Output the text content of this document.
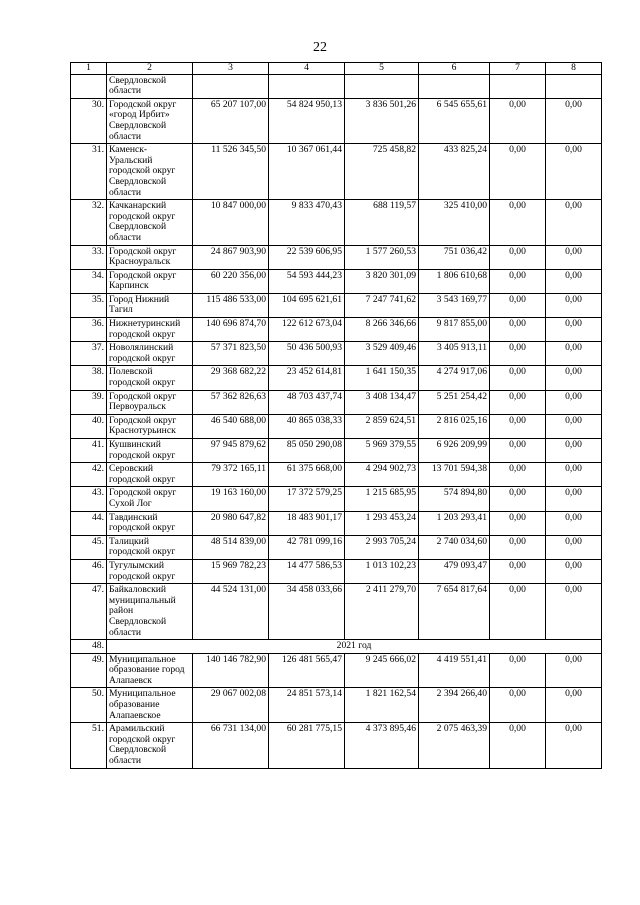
22
1	2	3	4	5	6	7	8
	Свердловской области						
30.	Городской округ «город Ирбит» Свердловской области	65 207 107,00	54 824 950,13	3 836 501,26	6 545 655,61	0,00	0,00
31.	Каменск-Уральский городской округ Свердловской области	11 526 345,50	10 367 061,44	725 458,82	433 825,24	0,00	0,00
32.	Качканарский городской округ Свердловской области	10 847 000,00	9 833 470,43	688 119,57	325 410,00	0,00	0,00
33.	Городской округ Красноуральск	24 867 903,90	22 539 606,95	1 577 260,53	751 036,42	0,00	0,00
34.	Городской округ Карпинск	60 220 356,00	54 593 444,23	3 820 301,09	1 806 610,68	0,00	0,00
35.	Город Нижний Тагил	115 486 533,00	104 695 621,61	7 247 741,62	3 543 169,77	0,00	0,00
36.	Нижнетуринский городской округ	140 696 874,70	122 612 673,04	8 266 346,66	9 817 855,00	0,00	0,00
37.	Новолялинский городской округ	57 371 823,50	50 436 500,93	3 529 409,46	3 405 913,11	0,00	0,00
38.	Полевской городской округ	29 368 682,22	23 452 614,81	1 641 150,35	4 274 917,06	0,00	0,00
39.	Городской округ Первоуральск	57 362 826,63	48 703 437,74	3 408 134,47	5 251 254,42	0,00	0,00
40.	Городской округ Краснотурьинск	46 540 688,00	40 865 038,33	2 859 624,51	2 816 025,16	0,00	0,00
41.	Кушвинский городской округ	97 945 879,62	85 050 290,08	5 969 379,55	6 926 209,99	0,00	0,00
42.	Серовский городской округ	79 372 165,11	61 375 668,00	4 294 902,73	13 701 594,38	0,00	0,00
43.	Городской округ Сухой Лог	19 163 160,00	17 372 579,25	1 215 685,95	574 894,80	0,00	0,00
44.	Тавдинский городской округ	20 980 647,82	18 483 901,17	1 293 453,24	1 203 293,41	0,00	0,00
45.	Талицкий городской округ	48 514 839,00	42 781 099,16	2 993 705,24	2 740 034,60	0,00	0,00
46.	Тугулымский городской округ	15 969 782,23	14 477 586,53	1 013 102,23	479 093,47	0,00	0,00
47.	Байкаловский муниципальный район Свердловской области	44 524 131,00	34 458 033,66	2 411 279,70	7 654 817,64	0,00	0,00
48.	2021 год						
49.	Муниципальное образование город Алапаевск	140 146 782,90	126 481 565,47	9 245 666,02	4 419 551,41	0,00	0,00
50.	Муниципальное образование Алапаевское	29 067 002,08	24 851 573,14	1 821 162,54	2 394 266,40	0,00	0,00
51.	Арамильский городской округ Свердловской области	66 731 134,00	60 281 775,15	4 373 895,46	2 075 463,39	0,00	0,00
